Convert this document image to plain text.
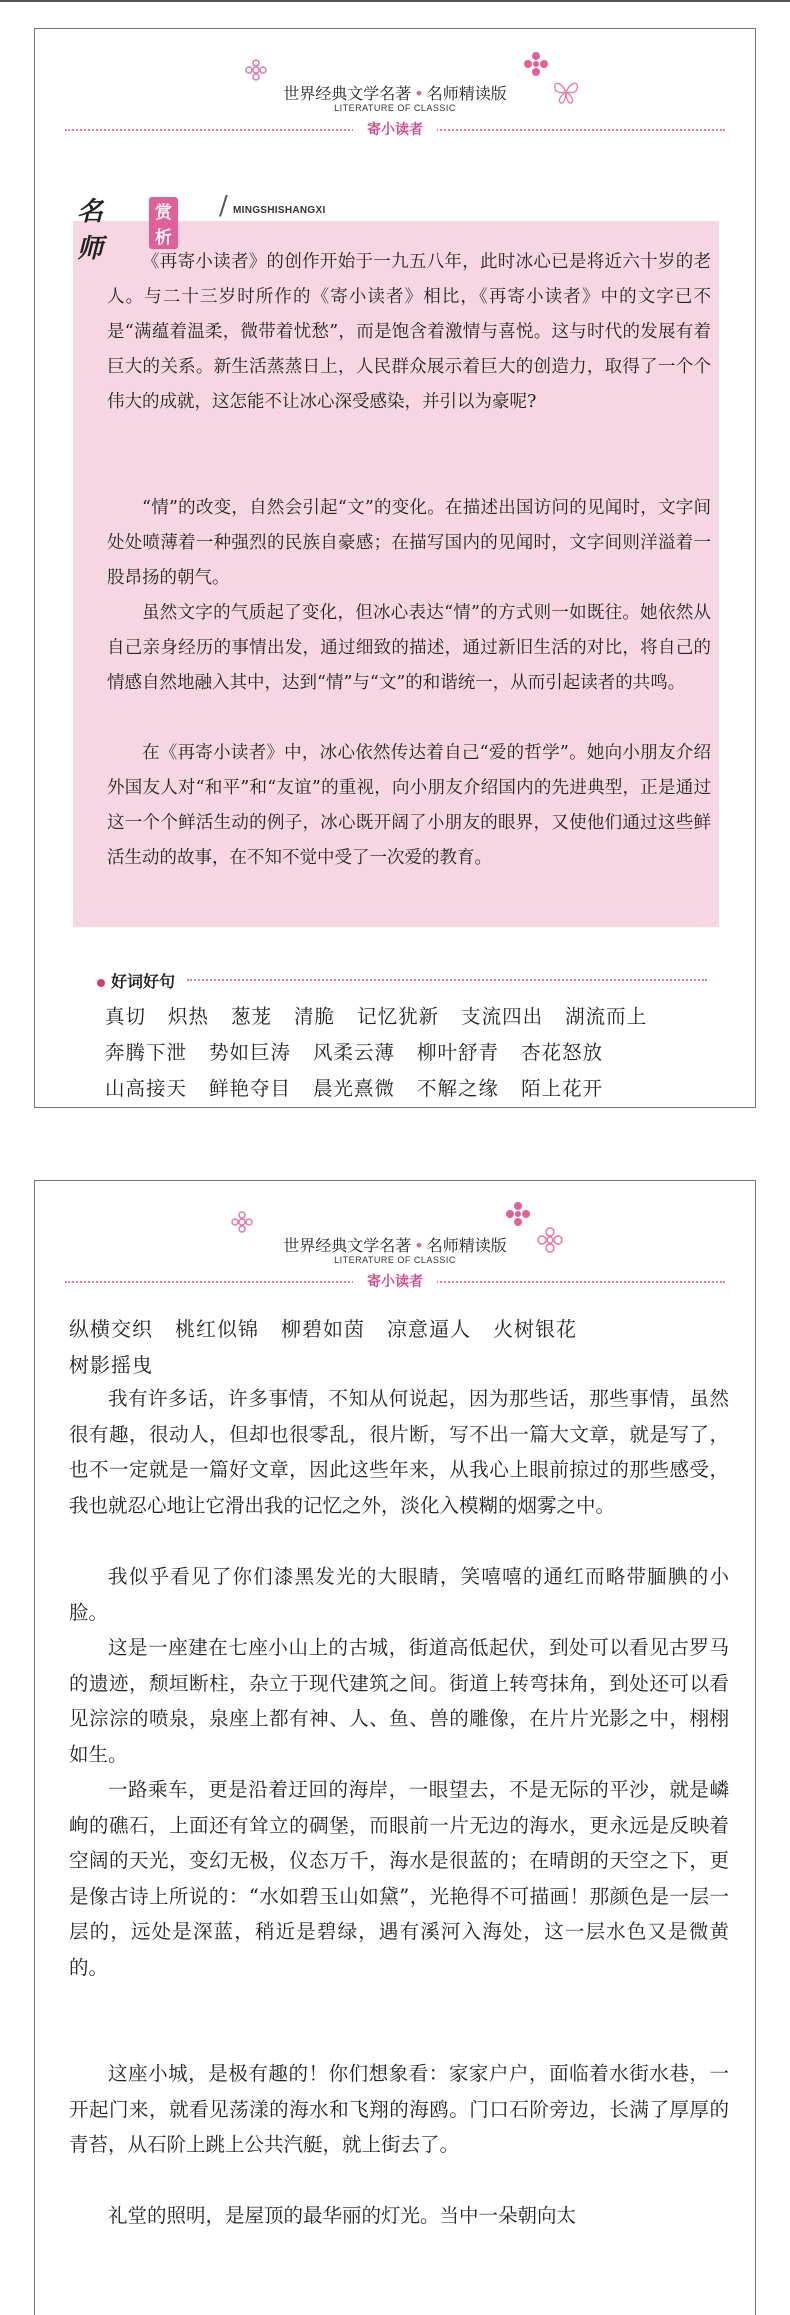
世界经典文学名著 • 名师精读版
LITERATURE OF CLASSIC
寄小读者
名师
赏析
/ MINGSHISHANGXI

《再寄小读者》的创作开始于一九五八年，此时冰心已是将近六十岁的老人。与二十三岁时所作的《寄小读者》相比，《再寄小读者》中的文字已不是“满蕴着温柔，微带着忧愁”，而是饱含着激情与喜悦。这与时代的发展有着巨大的关系。新生活蒸蒸日上，人民群众展示着巨大的创造力，取得了一个个伟大的成就，这怎能不让冰心深受感染，并引以为豪呢?

“情”的改变，自然会引起“文”的变化。在描述出国访问的见闻时，文字间处处喷薄着一种强烈的民族自豪感；在描写国内的见闻时，文字间则洋溢着一股昂扬的朝气。

虽然文字的气质起了变化，但冰心表达“情”的方式则一如既往。她依然从自己亲身经历的事情出发，通过细致的描述，通过新旧生活的对比，将自己的情感自然地融入其中，达到“情”与“文”的和谐统一，从而引起读者的共鸣。

在《再寄小读者》中，冰心依然传达着自己“爱的哲学”。她向小朋友介绍外国友人对“和平”和“友谊”的重视，向小朋友介绍国内的先进典型，正是通过这一个个鲜活生动的例子，冰心既开阔了小朋友的眼界，又使他们通过这些鲜活生动的故事，在不知不觉中受了一次爱的教育。

好词好句
真切 炽热 葱茏 清脆 记忆犹新 支流四出 湖流而上
奔腾下泄 势如巨涛 风柔云薄 柳叶舒青 杏花怒放
山高接天 鲜艳夺目 晨光熹微 不解之缘 陌上花开
世界经典文学名著 • 名师精读版
LITERATURE OF CLASSIC
寄小读者
纵横交织 桃红似锦 柳碧如茵 凉意逼人 火树银花
树影摇曳

我有许多话，许多事情，不知从何说起，因为那些话，那些事情，虽然很有趣，很动人，但却也很零乱，很片断，写不出一篇大文章，就是写了，也不一定就是一篇好文章，因此这些年来，从我心上眼前掠过的那些感受，我也就忍心地让它滑出我的记忆之外，淡化入模糊的烟雾之中。

我似乎看见了你们漆黑发光的大眼睛，笑嘻嘻的通红而略带腼腆的小脸。

这是一座建在七座小山上的古城，街道高低起伏，到处可以看见古罗马的遗迹，颓垣断柱，杂立于现代建筑之间。街道上转弯抹角，到处还可以看见淙淙的喷泉，泉座上都有神、人、鱼、兽的雕像，在片片光影之中，栩栩如生。

一路乘车，更是沿着迂回的海岸，一眼望去，不是无际的平沙，就是嶙峋的礁石，上面还有耸立的碉堡，而眼前一片无边的海水，更永远是反映着空阔的天光，变幻无极，仪态万千，海水是很蓝的；在晴朗的天空之下，更是像古诗上所说的：“水如碧玉山如黛”，光艳得不可描画！那颜色是一层一层的，远处是深蓝，稍近是碧绿，遇有溪河入海处，这一层水色又是微黄的。

这座小城，是极有趣的！你们想象看：家家户户，面临着水街水巷，一开起门来，就看见荡漾的海水和飞翔的海鸥。门口石阶旁边，长满了厚厚的青苔，从石阶上跳上公共汽艇，就上街去了。

礼堂的照明，是屋顶的最华丽的灯光。当中一朵朝向太
